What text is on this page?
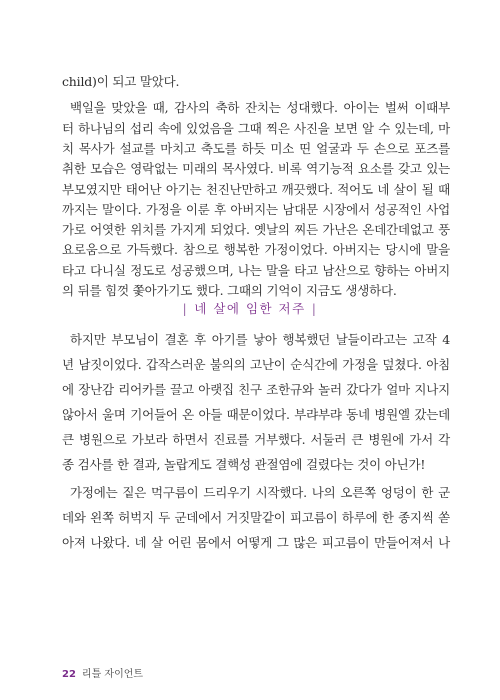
child)이 되고 말았다.
백일을 맞았을 때, 감사의 축하 잔치는 성대했다. 아이는 벌써 이때부
터 하나님의 섭리 속에 있었음을 그때 찍은 사진을 보면 알 수 있는데, 마
치 목사가 설교를 마치고 축도를 하듯 미소 띤 얼굴과 두 손으로 포즈를
취한 모습은 영락없는 미래의 목사였다. 비록 역기능적 요소를 갖고 있는
부모였지만 태어난 아기는 천진난만하고 깨끗했다. 적어도 네 살이 될 때
까지는 말이다. 가정을 이룬 후 아버지는 남대문 시장에서 성공적인 사업
가로 어엿한 위치를 가지게 되었다. 옛날의 찌든 가난은 온데간데없고 풍
요로움으로 가득했다. 참으로 행복한 가정이었다. 아버지는 당시에 말을
| 네 살에 임한 저주 |
하지만 부모님이 결혼 후 아기를 낳아 행복했던 날들이라고는 고작 4
년 남짓이었다. 갑작스러운 불의의 고난이 순식간에 가정을 덮쳤다. 아침
에 장난감 리어카를 끌고 아랫집 친구 조한규와 놀러 갔다가 얼마 지나지
않아서 울며 기어들어 온 아들 때문이었다. 부랴부랴 동네 병원엘 갔는데
큰 병원으로 가보라 하면서 진료를 거부했다. 서둘러 큰 병원에 가서 각
종 검사를 한 결과, 놀랍게도 결핵성 관절염에 걸렸다는 것이 아닌가!
가정에는 짙은 먹구름이 드리우기 시작했다. 나의 오른쪽 엉덩이 한 군
데와 왼쪽 허벅지 두 군데에서 거짓말같이 피고름이 하루에 한 종지씩 쏟
아져 나왔다. 네 살 어린 몸에서 어떻게 그 많은 피고름이 만들어져서 나
22 리틀 자이언트
타고 다니실 정도로 성공했으며, 나는 말을 타고 남산으로 향하는 아버지
의 뒤를 힘껏 쫓아가기도 했다. 그때의 기억이 지금도 생생하다.
